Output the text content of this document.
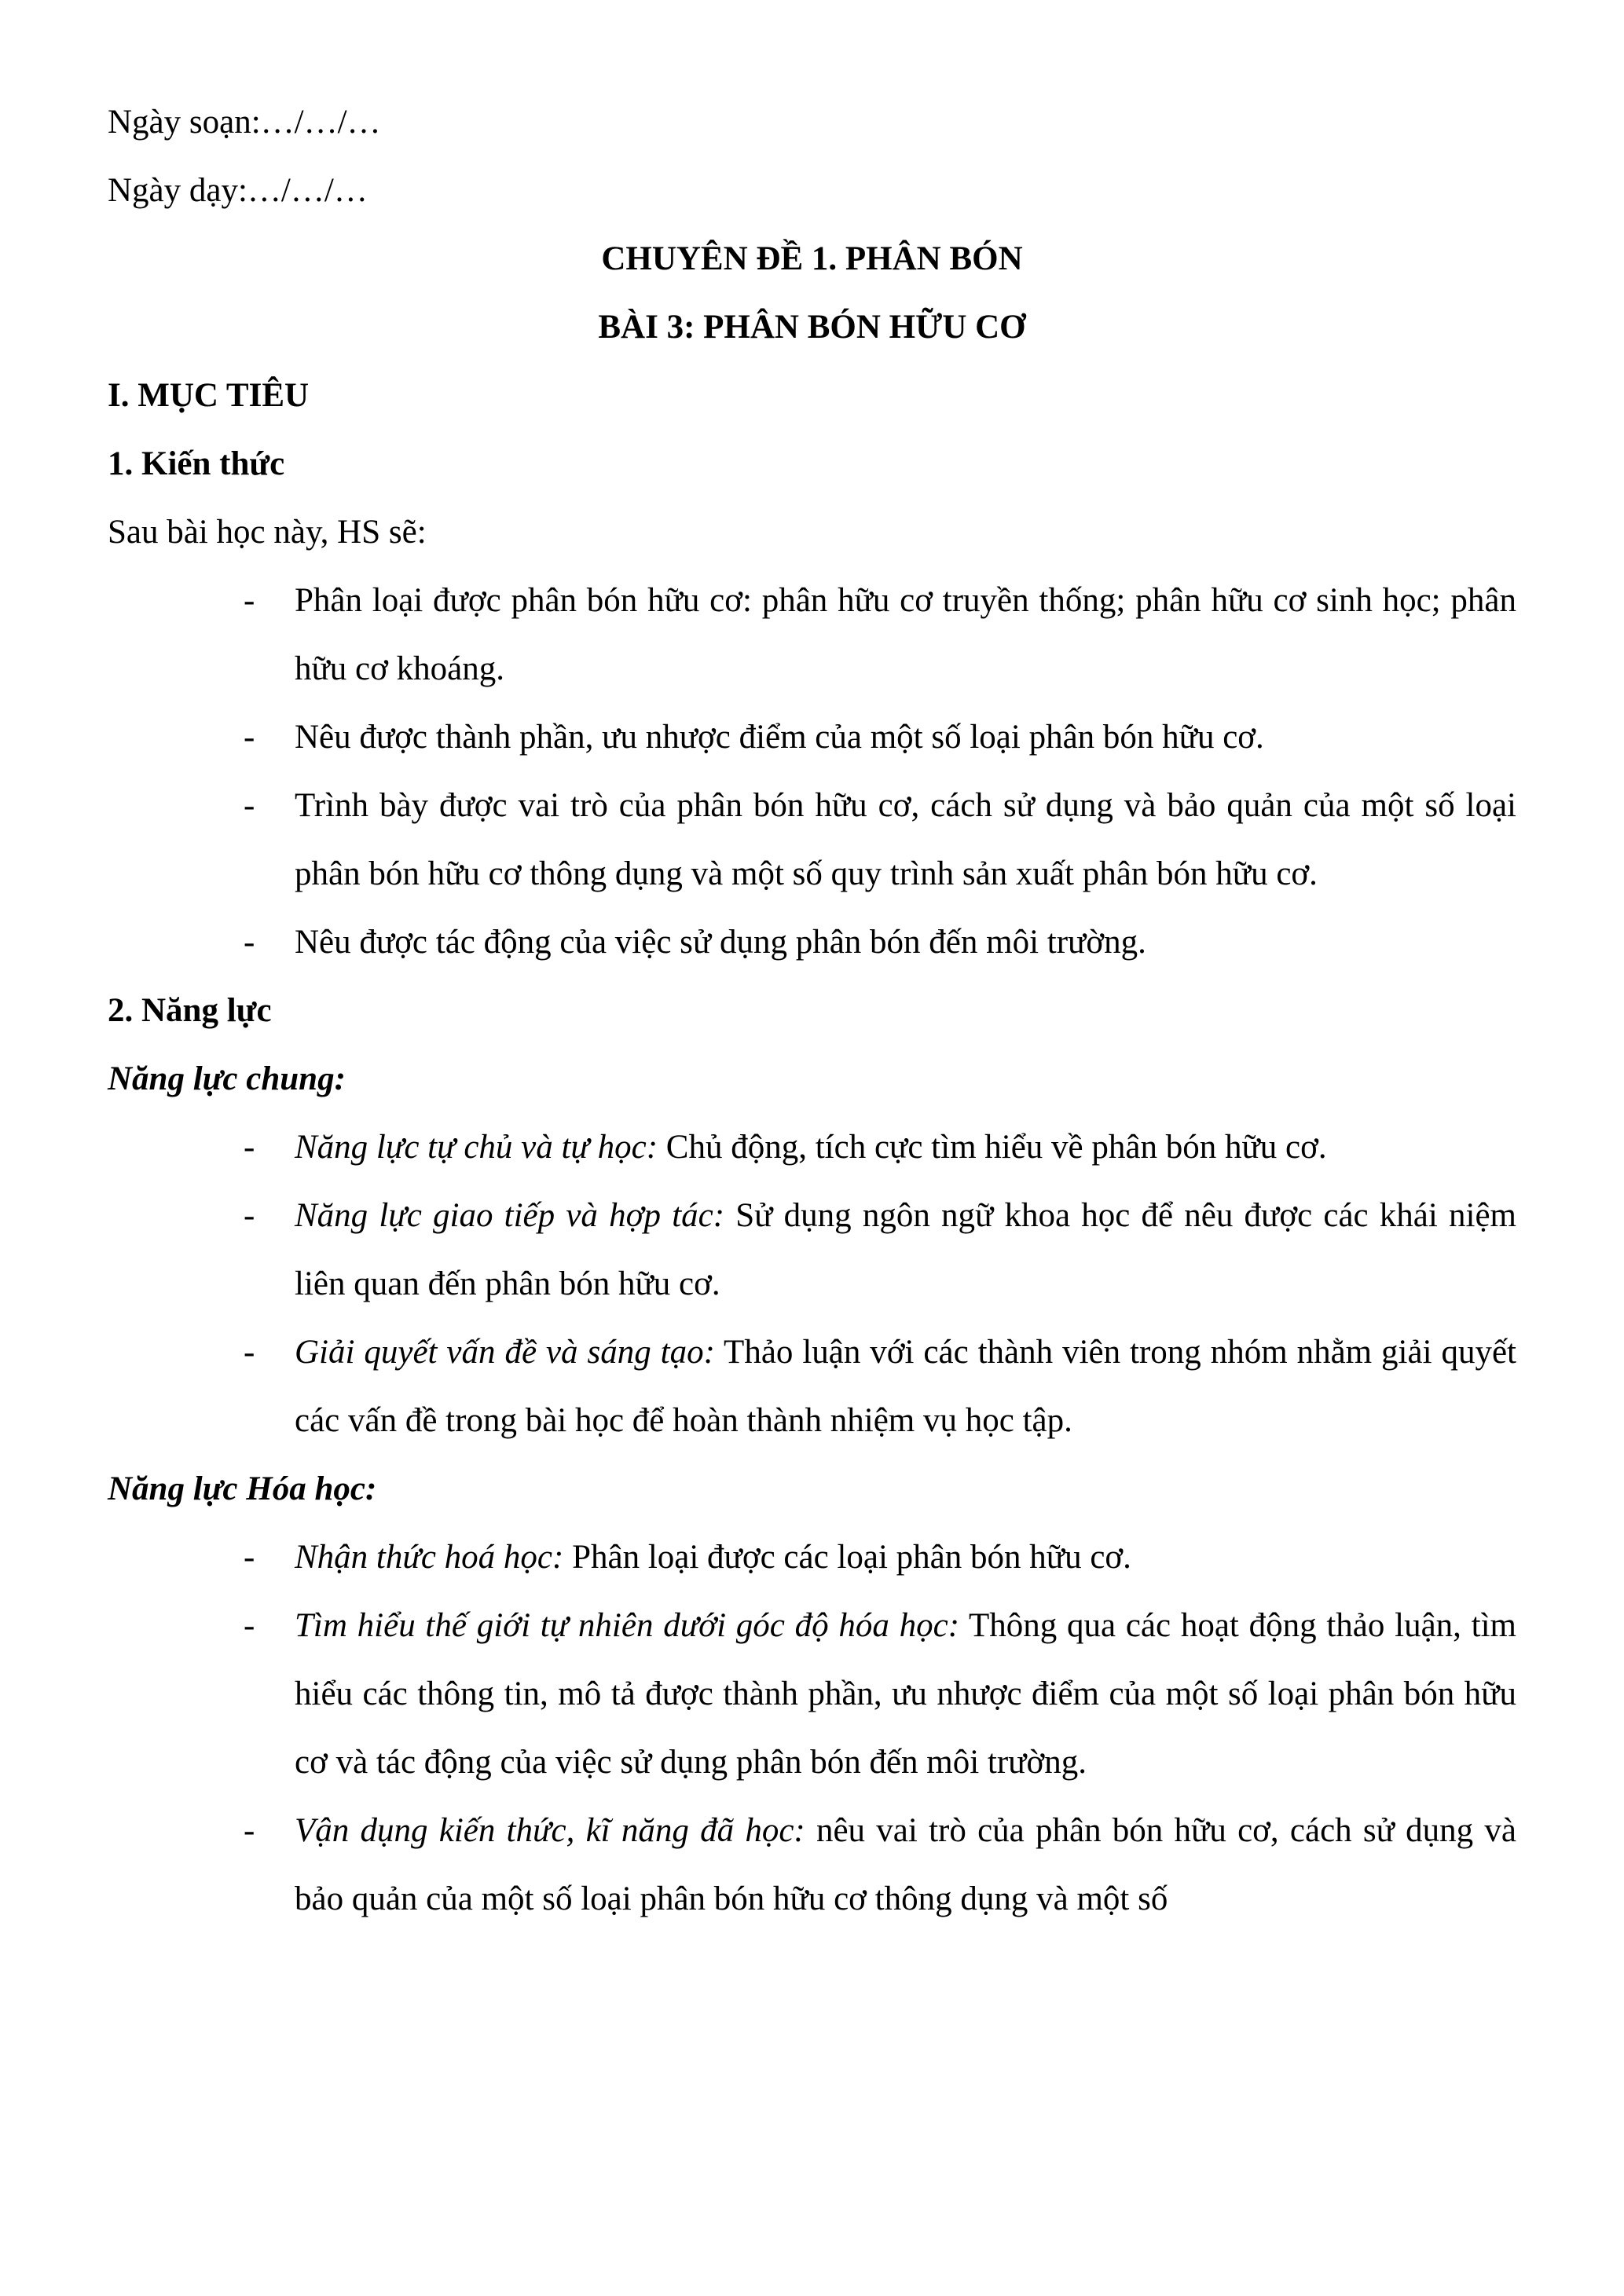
Ngày soạn:…/…/…

Ngày dạy:…/…/…

CHUYÊN ĐỀ 1. PHÂN BÓN

BÀI 3: PHÂN BÓN HỮU CƠ

I. MỤC TIÊU

1. Kiến thức

Sau bài học này, HS sẽ:

-	Phân loại được phân bón hữu cơ: phân hữu cơ truyền thống; phân hữu cơ sinh học; phân hữu cơ khoáng.
-	Nêu được thành phần, ưu nhược điểm của một số loại phân bón hữu cơ.
-	Trình bày được vai trò của phân bón hữu cơ, cách sử dụng và bảo quản của một số loại phân bón hữu cơ thông dụng và một số quy trình sản xuất phân bón hữu cơ.
-	Nêu được tác động của việc sử dụng phân bón đến môi trường.

2. Năng lực

Năng lực chung:

-	Năng lực tự chủ và tự học: Chủ động, tích cực tìm hiểu về phân bón hữu cơ.
-	Năng lực giao tiếp và hợp tác: Sử dụng ngôn ngữ khoa học để nêu được các khái niệm liên quan đến phân bón hữu cơ.
-	Giải quyết vấn đề và sáng tạo: Thảo luận với các thành viên trong nhóm nhằm giải quyết các vấn đề trong bài học để hoàn thành nhiệm vụ học tập.

Năng lực Hóa học:

-	Nhận thức hoá học: Phân loại được các loại phân bón hữu cơ.
-	Tìm hiểu thế giới tự nhiên dưới góc độ hóa học: Thông qua các hoạt động thảo luận, tìm hiểu các thông tin, mô tả được thành phần, ưu nhược điểm của một số loại phân bón hữu cơ và tác động của việc sử dụng phân bón đến môi trường.
-	Vận dụng kiến thức, kĩ năng đã học: nêu vai trò của phân bón hữu cơ, cách sử dụng và bảo quản của một số loại phân bón hữu cơ thông dụng và một số
